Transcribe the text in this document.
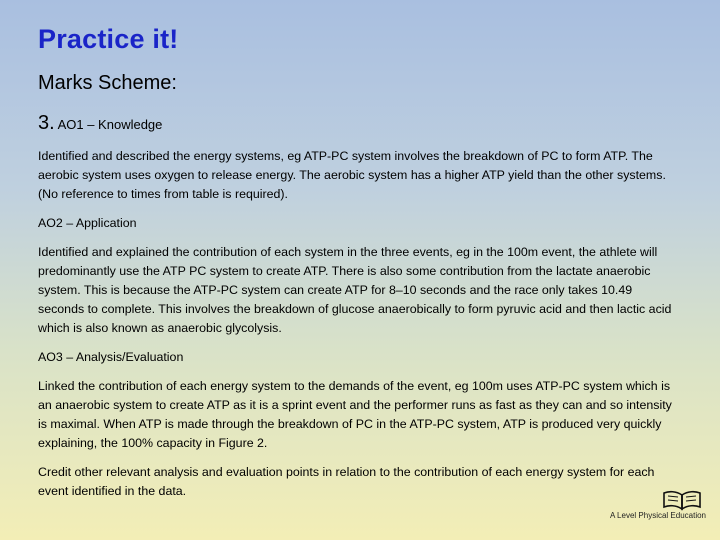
Practice it!
Marks Scheme:
3. AO1 – Knowledge

Identified and described the energy systems, eg ATP-PC system involves the breakdown of PC to form ATP. The aerobic system uses oxygen to release energy. The aerobic system has a higher ATP yield than the other systems. (No reference to times from table is required).

AO2 – Application

Identified and explained the contribution of each system in the three events, eg in the 100m event, the athlete will predominantly use the ATP PC system to create ATP. There is also some contribution from the lactate anaerobic system. This is because the ATP-PC system can create ATP for 8–10 seconds and the race only takes 10.49 seconds to complete. This involves the breakdown of glucose anaerobically to form pyruvic acid and then lactic acid which is also known as anaerobic glycolysis.

AO3 – Analysis/Evaluation

Linked the contribution of each energy system to the demands of the event, eg 100m uses ATP-PC system which is an anaerobic system to create ATP as it is a sprint event and the performer runs as fast as they can and so intensity is maximal. When ATP is made through the breakdown of PC in the ATP-PC system, ATP is produced very quickly explaining, the 100% capacity in Figure 2.

Credit other relevant analysis and evaluation points in relation to the contribution of each energy system for each event identified in the data.

A Level Physical Education
